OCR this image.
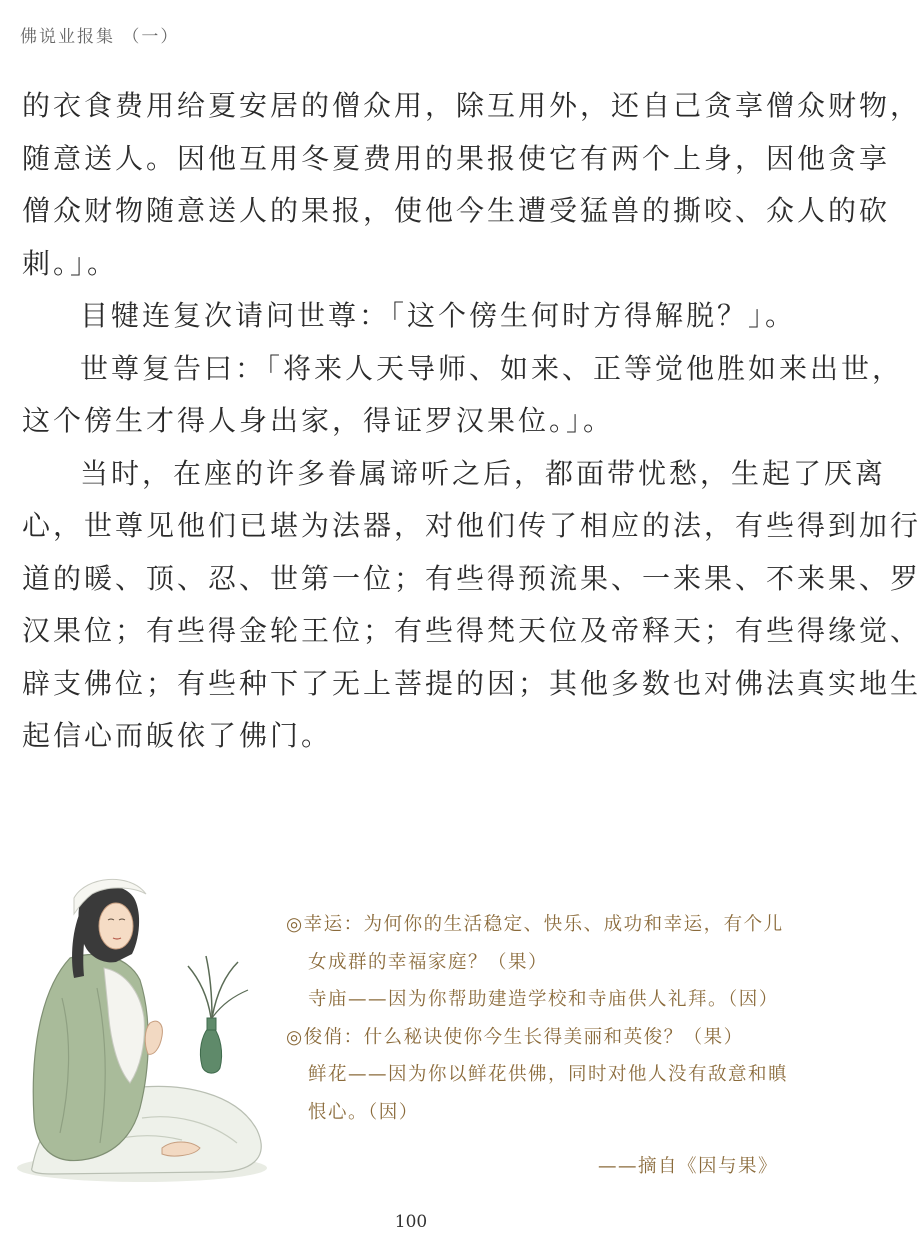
佛说业报集 （一）
的衣食费用给夏安居的僧众用，除互用外，还自己贪享僧众财物，
随意送人。因他互用冬夏费用的果报使它有两个上身，因他贪享
僧众财物随意送人的果报，使他今生遭受猛兽的撕咬、众人的砍
刺。」。
目犍连复次请问世尊：「这个傍生何时方得解脱？」。
世尊复告曰：「将来人天导师、如来、正等觉他胜如来出世，
这个傍生才得人身出家，得证罗汉果位。」。
当时，在座的许多眷属谛听之后，都面带忧愁，生起了厌离
心，世尊见他们已堪为法器，对他们传了相应的法，有些得到加行
道的暖、顶、忍、世第一位；有些得预流果、一来果、不来果、罗
汉果位；有些得金轮王位；有些得梵天位及帝释天；有些得缘觉、
辟支佛位；有些种下了无上菩提的因；其他多数也对佛法真实地生
起信心而皈依了佛门。
◎幸运：为何你的生活稳定、快乐、成功和幸运，有个儿
女成群的幸福家庭？（果）
寺庙——因为你帮助建造学校和寺庙供人礼拜。（因）
◎俊俏：什么秘诀使你今生长得美丽和英俊？（果）
鲜花——因为你以鲜花供佛，同时对他人没有敌意和瞋
恨心。（因）
——摘自《因与果》
100
